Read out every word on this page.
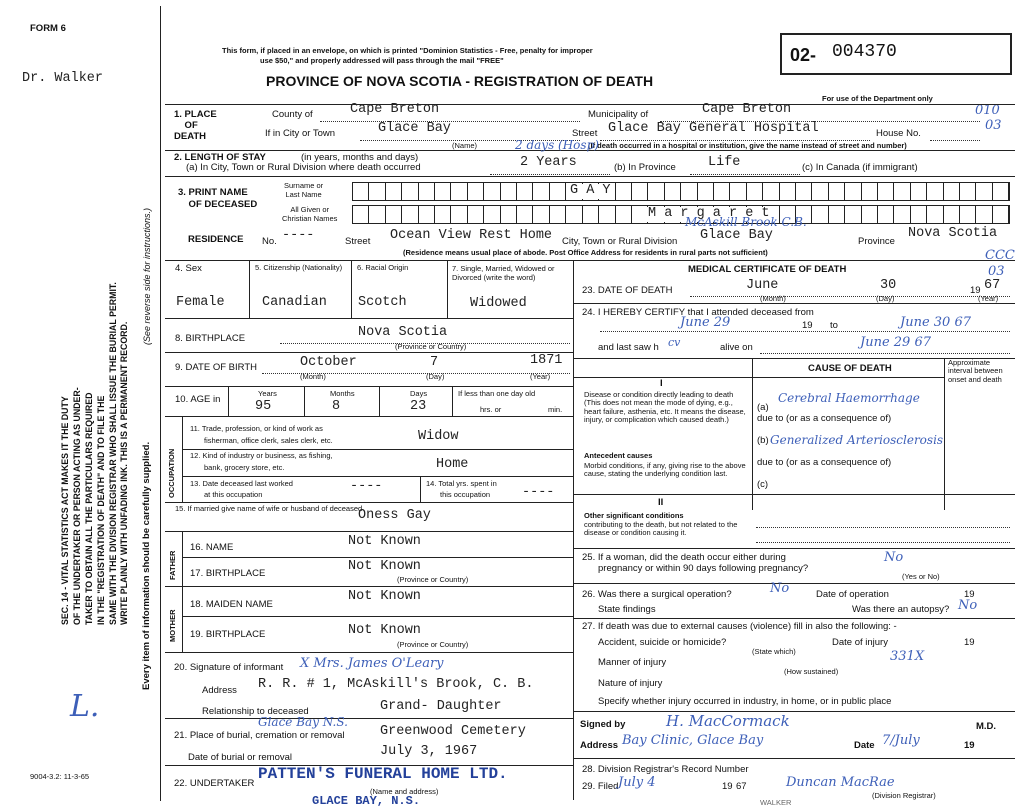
FORM 6
Dr. Walker
This form, if placed in an envelope, on which is printed "Dominion Statistics - Free, penalty for improper
use $50," and properly addressed will pass through the mail "FREE"
PROVINCE OF NOVA SCOTIA - REGISTRATION OF DEATH
02- 004370
For use of the Department only
010
03
CCC
03
SEC. 14 - VITAL STATISTICS ACT MAKES IT THE DUTY OF THE UNDERTAKER OR PERSON ACTING AS UNDER- TAKER TO OBTAIN ALL THE PARTICULARS REQUIRED IN THE "REGISTRATION OF DEATH" AND TO FILE THE SAME WITH THE DIVISION REGISTRAR WHO SHALL ISSUE THE BURIAL PERMIT. WRITE PLAINLY WITH UNFADING INK. THIS IS A PERMANENT RECORD.
(See reverse side for instructions.)
Every item of information should be carefully supplied.
L.
9004-3.2: 11-3-65
1. PLACE
OF
DEATH
County of	Cape Breton	Municipality of	Cape Breton
If in City or Town	Glace Bay
(Name)
Street Glace Bay General Hospital	House No.
(If death occurred in a hospital or institution, give the name instead of street and number)
2. LENGTH OF STAY	(in years, months and days)
(a) In City, Town or Rural Division where death occurred	2 Years
2 days (Hosp)
(b) In Province Life	(c) In Canada (if immigrant)
3. PRINT NAME
OF DECEASED
Surname or
Last Name	G A Y
All Given or
Christian Names	M a r g a r e t
RESIDENCE No. ----	Street Ocean View Rest Home City, Town or Rural Division Glace Bay
McAskill Brook C.B.
Province
Nova Scotia
(Residence means usual place of abode. Post Office Address for residents in rural parts not sufficient)
4. Sex
Female
5. Citizenship (Nationality)
Canadian
6. Racial Origin
Scotch
7. Single, Married, Widowed or Divorced (write the word)
Widowed
8. BIRTHPLACE	Nova Scotia
(Province or Country)
9. DATE OF BIRTH	October	7	1871
(Month)	(Day)	(Year)
10. AGE in
Years
95
Months
8
Days
23
If less than one day old
hrs. or	min.
OCCUPATION
11. Trade, profession, or kind of work as
fisherman, office clerk, sales clerk, etc.	Widow
12. Kind of industry or business, as fishing,
bank, grocery store, etc.	Home
13. Date deceased last worked
at this occupation
----	14. Total yrs. spent in
this occupation ----
15. If married give name of wife or husband of deceased
Oness Gay
FATHER
16. NAME	Not Known
17. BIRTHPLACE	Not Known
(Province or Country)
MOTHER
18. MAIDEN NAME
Not Known
19. BIRTHPLACE	Not Known
(Province or Country)
20. Signature of informant X Mrs. James O'Leary
Address R. R. # 1, McAskill's Brook, C. B.
Relationship to deceased	Grand- Daughter
21. Place of burial, cremation or removal
Glace Bay N.S.
Greenwood Cemetery
Date of burial or removal	July 3, 1967
22. UNDERTAKER
PATTEN'S FUNERAL HOME LTD.
(Name and address)
GLACE BAY, N.S.
MEDICAL CERTIFICATE OF DEATH
23. DATE OF DEATH	June	30	19 67
(Month)	(Day)	(Year)
24. I HEREBY CERTIFY that I attended deceased from
June 29	19 to	June 30 67
and last saw h cv	alive on	June 29 67
CAUSE OF DEATH
Approximate interval between onset and death
I
Disease or condition directly leading to death (This does not mean the mode of dying, e.g., heart failure, asthenia, etc. It means the disease, injury, or complication which caused death.)
(a)
Cerebral Haemorrhage
due to (or as a consequence of)
(b) Generalized Arteriosclerosis
Antecedent causes
Morbid conditions, if any, giving rise to the above cause, stating the underlying condition last.
due to (or as a consequence of)
(c)
II
Other significant conditions
contributing to the death, but not related to the disease or condition causing it.
25. If a woman, did the death occur either during
pregnancy or within 90 days following pregnancy?
No
(Yes or No)
26. Was there a surgical operation?	No	Date of operation	19
State findings	Was there an autopsy? No
27. If death was due to external causes (violence) fill in also the following: -
Accident, suicide or homicide?	Date of injury	19
(State which)
Manner of injury	331X
(How sustained)
Nature of injury
Specify whether injury occurred in industry, in home, or in public place
Signed by	H. MacCormack	M.D.
Address Bay Clinic, Glace Bay	Date 7/July	19
28. Division Registrar's Record Number
29. Filed July 4	19 67	Duncan MacRae
(Division Registrar)
WALKER
